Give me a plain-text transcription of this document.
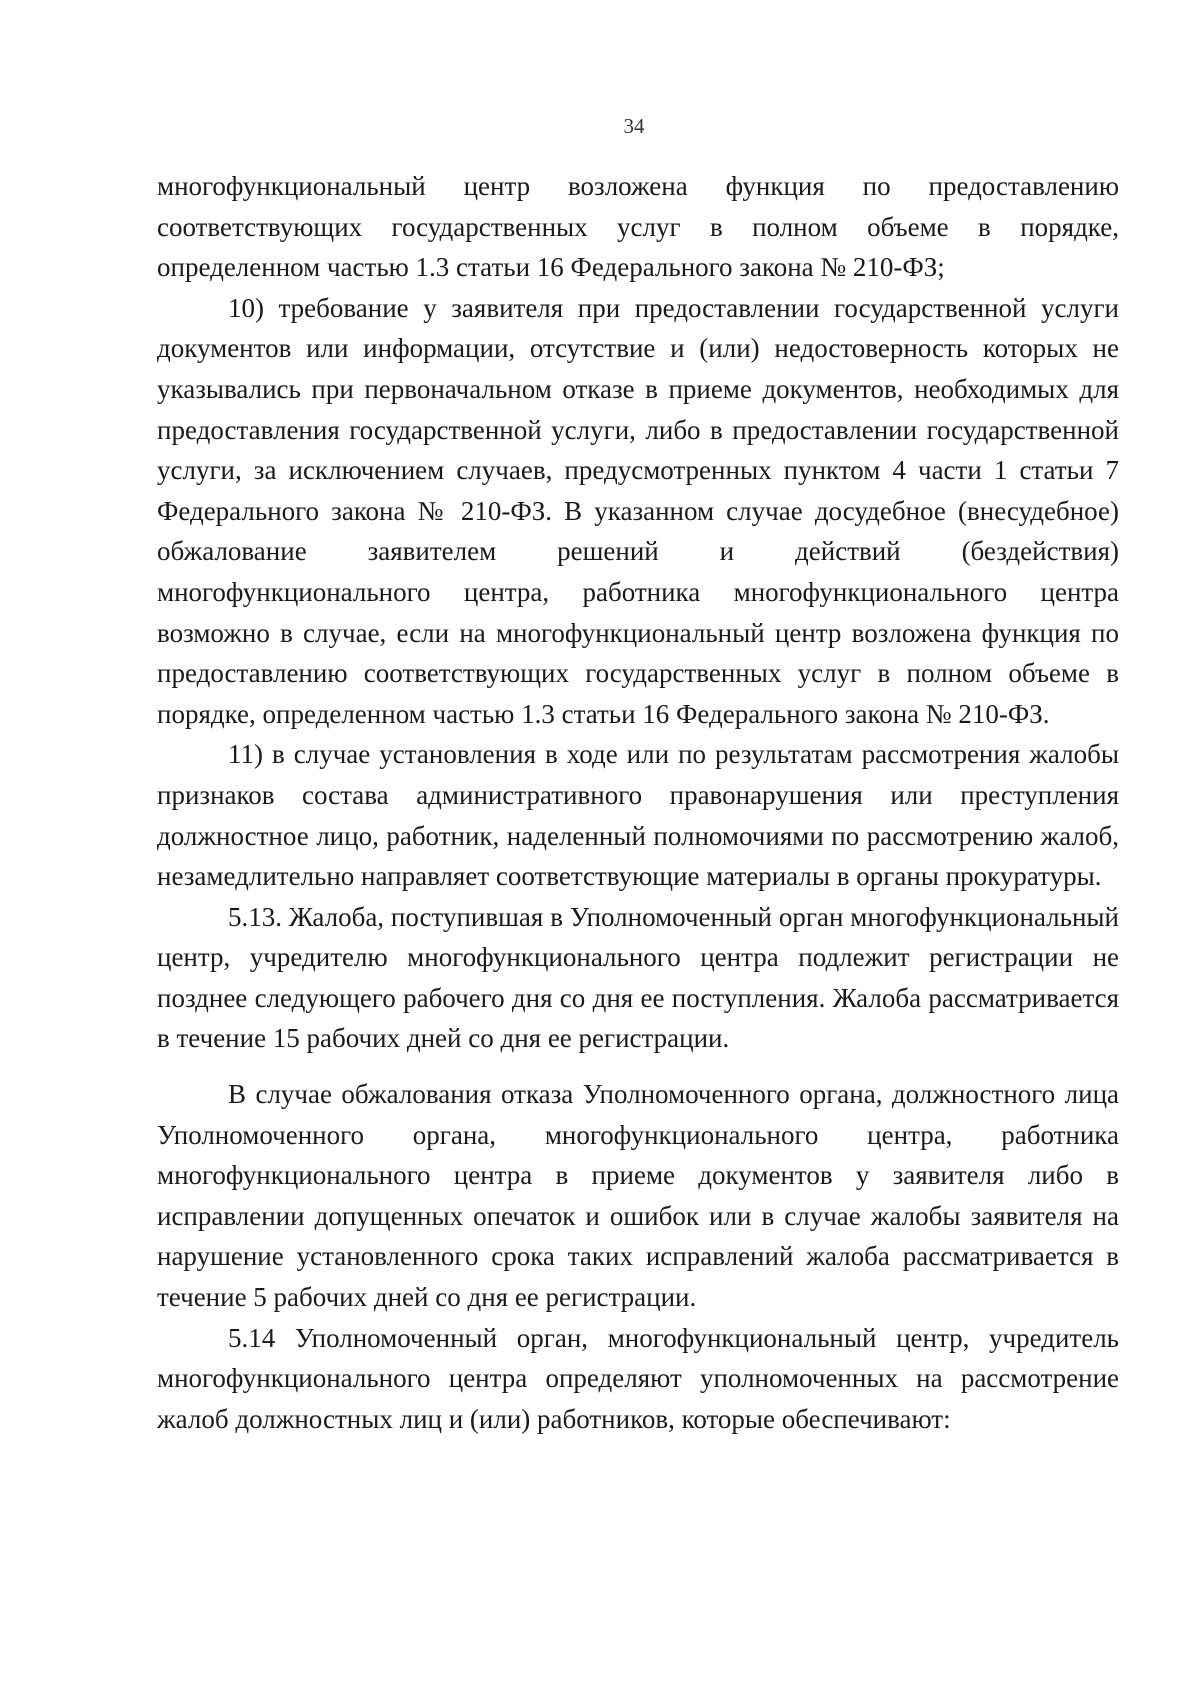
34

многофункциональный центр возложена функция по предоставлению соответствующих государственных услуг в полном объеме в порядке, определенном частью 1.3 статьи 16 Федерального закона № 210-ФЗ;

10) требование у заявителя при предоставлении государственной услуги документов или информации, отсутствие и (или) недостоверность которых не указывались при первоначальном отказе в приеме документов, необходимых для предоставления государственной услуги, либо в предоставлении государственной услуги, за исключением случаев, предусмотренных пунктом 4 части 1 статьи 7 Федерального закона № 210-ФЗ. В указанном случае досудебное (внесудебное) обжалование заявителем решений и действий (бездействия) многофункционального центра, работника многофункционального центра возможно в случае, если на многофункциональный центр возложена функция по предоставлению соответствующих государственных услуг в полном объеме в порядке, определенном частью 1.3 статьи 16 Федерального закона № 210-ФЗ.

11) в случае установления в ходе или по результатам рассмотрения жалобы признаков состава административного правонарушения или преступления должностное лицо, работник, наделенный полномочиями по рассмотрению жалоб, незамедлительно направляет соответствующие материалы в органы прокуратуры.

5.13. Жалоба, поступившая в Уполномоченный орган многофункциональный центр, учредителю многофункционального центра подлежит регистрации не позднее следующего рабочего дня со дня ее поступления. Жалоба рассматривается в течение 15 рабочих дней со дня ее регистрации.

В случае обжалования отказа Уполномоченного органа, должностного лица Уполномоченного органа, многофункционального центра, работника многофункционального центра в приеме документов у заявителя либо в исправлении допущенных опечаток и ошибок или в случае жалобы заявителя на нарушение установленного срока таких исправлений жалоба рассматривается в течение 5 рабочих дней со дня ее регистрации.

5.14 Уполномоченный орган, многофункциональный центр, учредитель многофункционального центра определяют уполномоченных на рассмотрение жалоб должностных лиц и (или) работников, которые обеспечивают:
